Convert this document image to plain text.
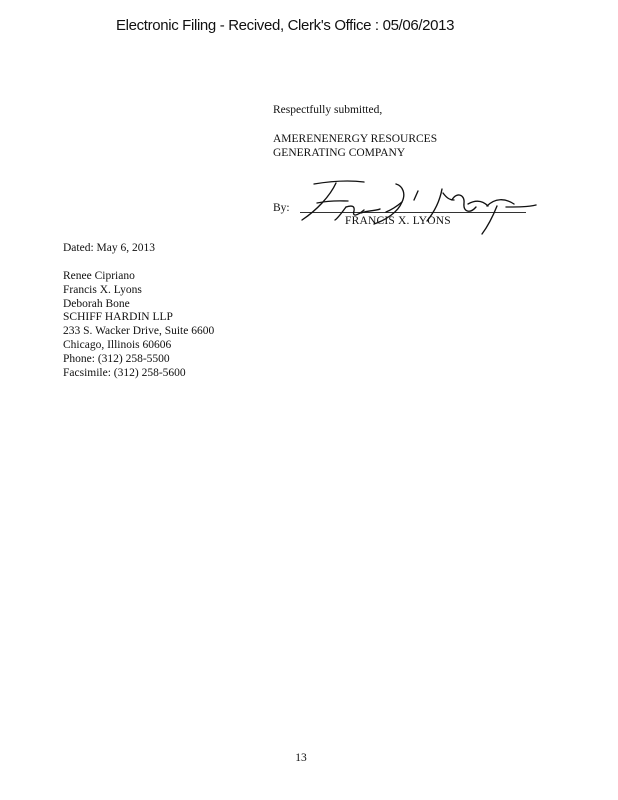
Electronic Filing - Recived, Clerk's Office : 05/06/2013
Respectfully submitted,
AMERENENERGY RESOURCES
GENERATING COMPANY
By:
FRANCIS X. LYONS
Dated: May 6, 2013
Renee Cipriano
Francis X. Lyons
Deborah Bone
SCHIFF HARDIN LLP
233 S. Wacker Drive, Suite 6600
Chicago, Illinois 60606
Phone: (312) 258-5500
Facsimile: (312) 258-5600
13
